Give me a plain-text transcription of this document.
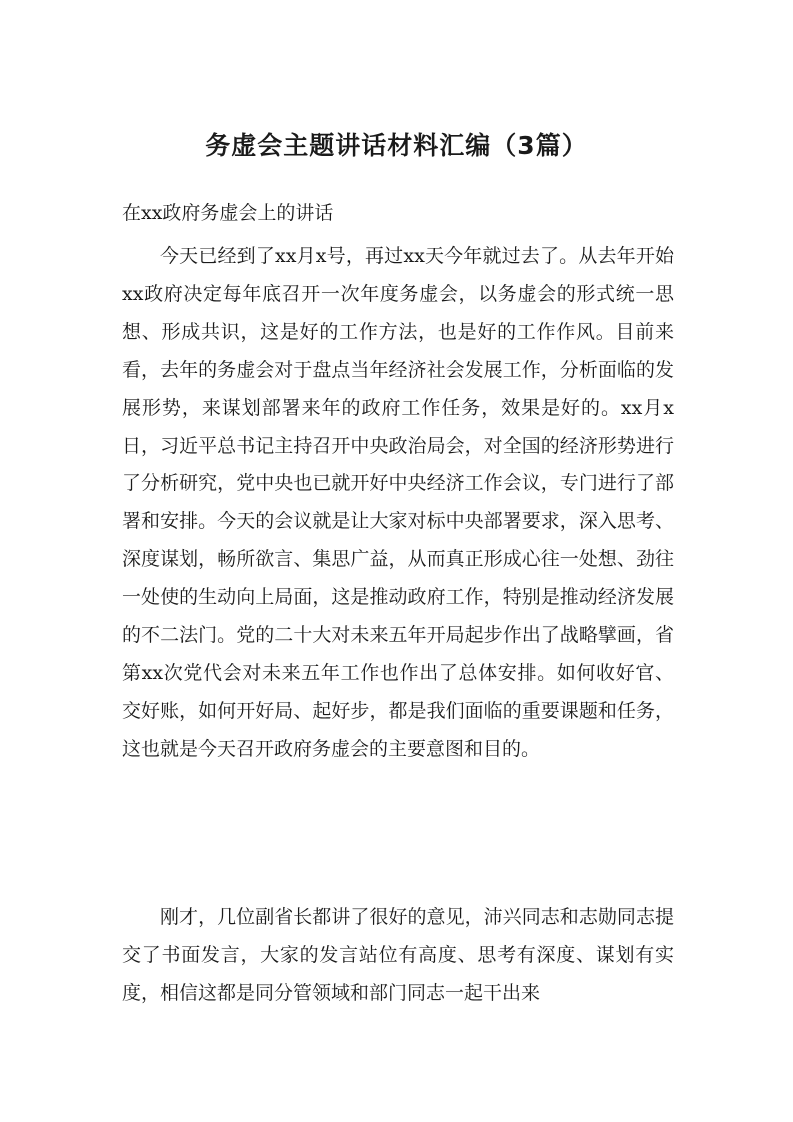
务虚会主题讲话材料汇编（3篇）

在xx政府务虚会上的讲话

今天已经到了xx月x号，再过xx天今年就过去了。从去年开始xx政府决定每年底召开一次年度务虚会，以务虚会的形式统一思想、形成共识，这是好的工作方法，也是好的工作作风。目前来看，去年的务虚会对于盘点当年经济社会发展工作，分析面临的发展形势，来谋划部署来年的政府工作任务，效果是好的。xx月x日，习近平总书记主持召开中央政治局会，对全国的经济形势进行了分析研究，党中央也已就开好中央经济工作会议，专门进行了部署和安排。今天的会议就是让大家对标中央部署要求，深入思考、深度谋划，畅所欲言、集思广益，从而真正形成心往一处想、劲往一处使的生动向上局面，这是推动政府工作，特别是推动经济发展的不二法门。党的二十大对未来五年开局起步作出了战略擘画，省第xx次党代会对未来五年工作也作出了总体安排。如何收好官、交好账，如何开好局、起好步，都是我们面临的重要课题和任务，这也就是今天召开政府务虚会的主要意图和目的。

刚才，几位副省长都讲了很好的意见，沛兴同志和志勋同志提交了书面发言，大家的发言站位有高度、思考有深度、谋划有实度，相信这都是同分管领域和部门同志一起干出来
